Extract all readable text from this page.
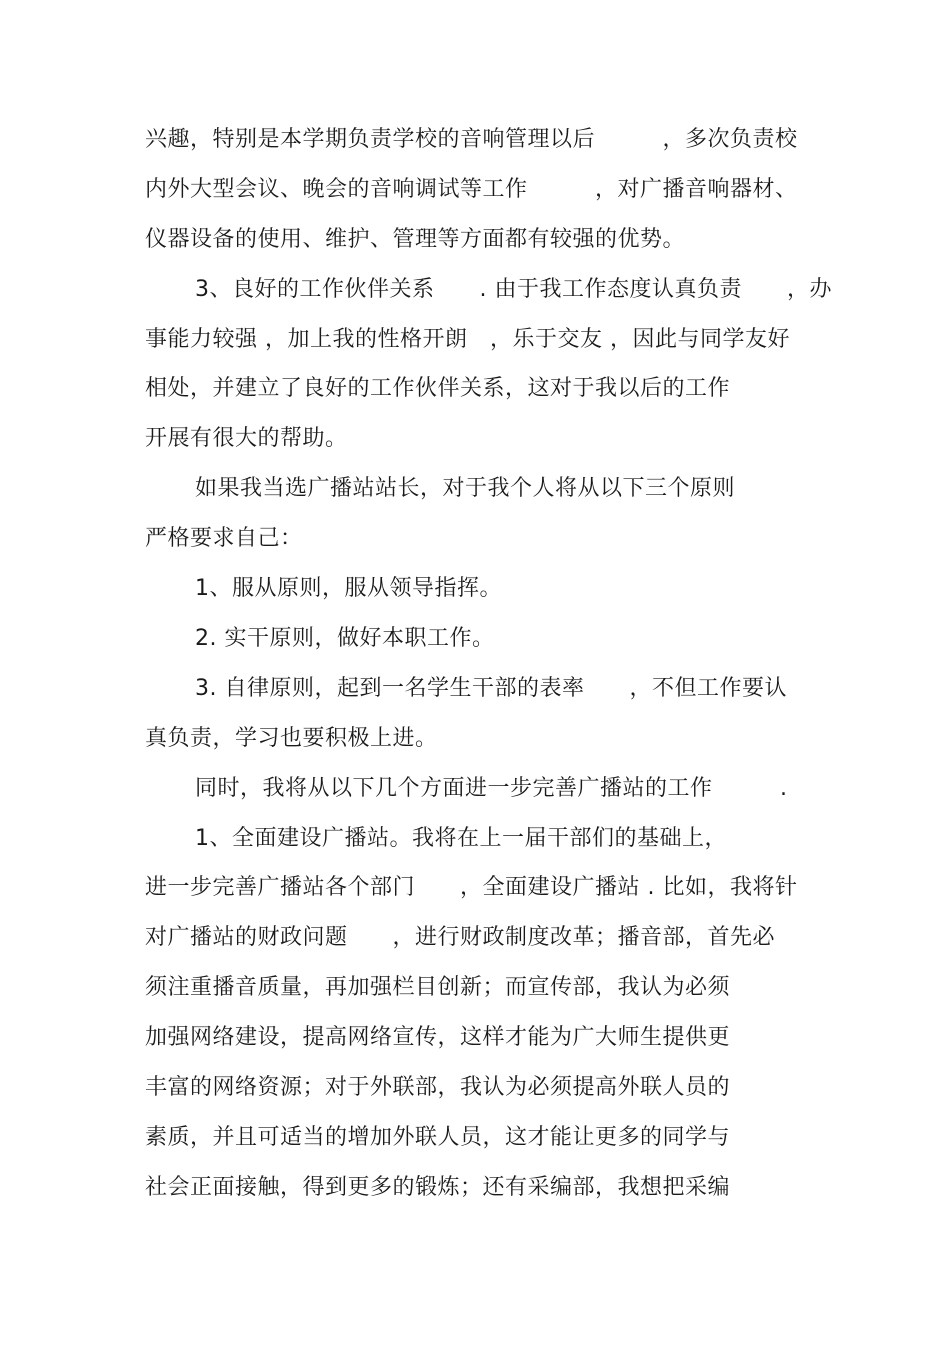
兴趣，特别是本学期负责学校的音响管理以后　　　，多次负责校
内外大型会议、晚会的音响调试等工作　　　，对广播音响器材、
仪器设备的使用、维护、管理等方面都有较强的优势。
3、良好的工作伙伴关系　　. 由于我工作态度认真负责　　，办
事能力较强 ，加上我的性格开朗　，乐于交友 ，因此与同学友好
相处，并建立了良好的工作伙伴关系，这对于我以后的工作
开展有很大的帮助。
如果我当选广播站站长，对于我个人将从以下三个原则
严格要求自己：
1、服从原则，服从领导指挥。
2. 实干原则，做好本职工作。
3. 自律原则，起到一名学生干部的表率　　，不但工作要认
真负责，学习也要积极上进。
同时，我将从以下几个方面进一步完善广播站的工作　　　.
1、全面建设广播站。我将在上一届干部们的基础上，
进一步完善广播站各个部门　　，全面建设广播站 . 比如，我将针
对广播站的财政问题　　，进行财政制度改革；播音部，首先必
须注重播音质量，再加强栏目创新；而宣传部，我认为必须
加强网络建设，提高网络宣传，这样才能为广大师生提供更
丰富的网络资源；对于外联部，我认为必须提高外联人员的
素质，并且可适当的增加外联人员，这才能让更多的同学与
社会正面接触，得到更多的锻炼；还有采编部，我想把采编
